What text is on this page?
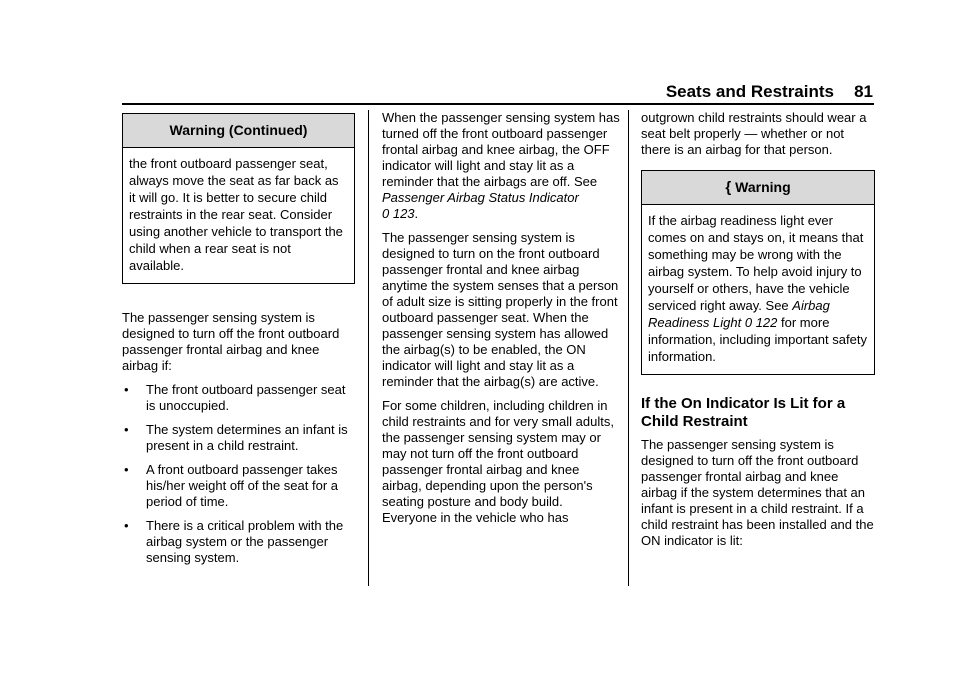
Seats and Restraints 81
Warning (Continued)
the front outboard passenger seat, always move the seat as far back as it will go. It is better to secure child restraints in the rear seat. Consider using another vehicle to transport the child when a rear seat is not available.

The passenger sensing system is designed to turn off the front outboard passenger frontal airbag and knee airbag if:

• The front outboard passenger seat is unoccupied.
• The system determines an infant is present in a child restraint.
• A front outboard passenger takes his/her weight off of the seat for a period of time.
• There is a critical problem with the airbag system or the passenger sensing system.

When the passenger sensing system has turned off the front outboard passenger frontal airbag and knee airbag, the OFF indicator will light and stay lit as a reminder that the airbags are off. See Passenger Airbag Status Indicator
0 123.

The passenger sensing system is designed to turn on the front outboard passenger frontal and knee airbag anytime the system senses that a person of adult size is sitting properly in the front outboard passenger seat. When the passenger sensing system has allowed the airbag(s) to be enabled, the ON indicator will light and stay lit as a reminder that the airbag(s) are active.

For some children, including children in child restraints and for very small adults, the passenger sensing system may or may not turn off the front outboard passenger frontal airbag and knee airbag, depending upon the person's seating posture and body build. Everyone in the vehicle who has

outgrown child restraints should wear a seat belt properly — whether or not there is an airbag for that person.

{ Warning
If the airbag readiness light ever comes on and stays on, it means that something may be wrong with the airbag system. To help avoid injury to yourself or others, have the vehicle serviced right away. See Airbag Readiness Light 0 122 for more information, including important safety information.
If the On Indicator Is Lit for a Child Restraint

The passenger sensing system is designed to turn off the front outboard passenger frontal airbag and knee airbag if the system determines that an infant is present in a child restraint. If a child restraint has been installed and the ON indicator is lit:
